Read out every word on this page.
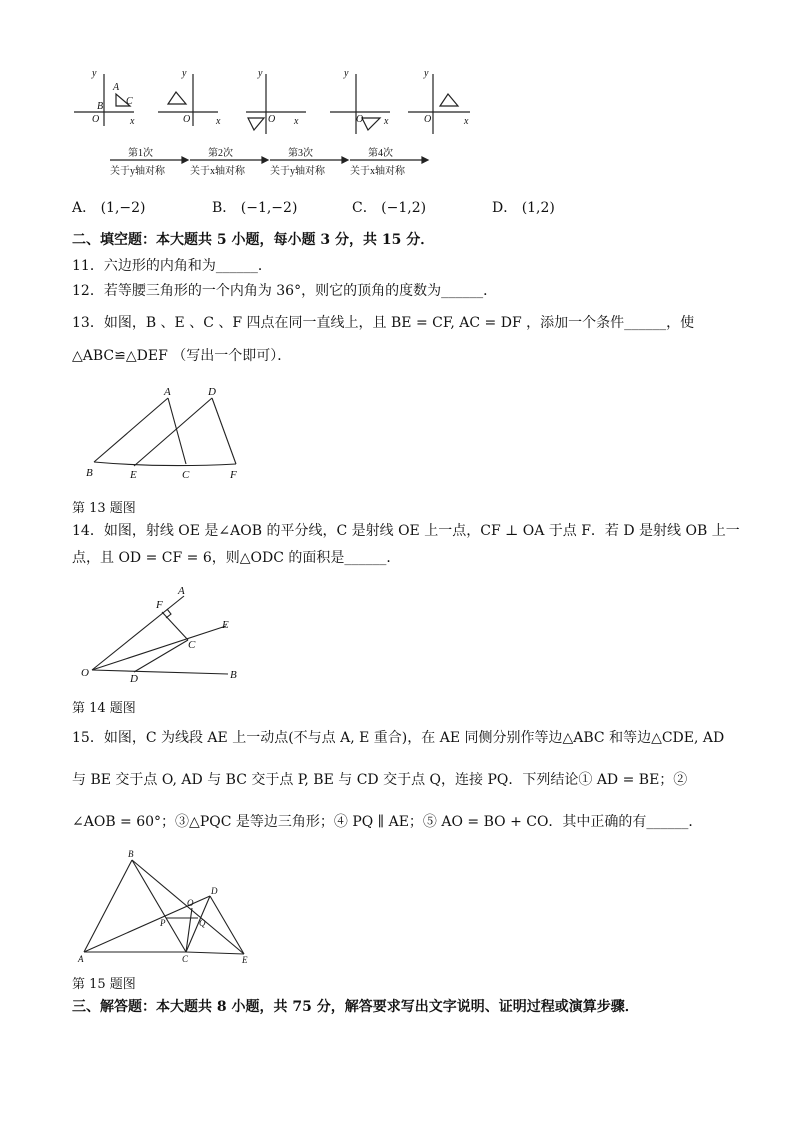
y
x
O
A
B C
y
x
O
y
x
O
y
x
O
y
x
O
第1次
关于y轴对称
第2次
关于x轴对称
第3次
关于y轴对称
第4次
关于x轴对称
A． (1,−2)	B． (−1,−2)	C． (−1,2)	D． (1,2)
二、填空题：本大题共 5 小题，每小题 3 分，共 15 分．
11．六边形的内角和为______．
12．若等腰三角形的一个内角为 36°，则它的顶角的度数为______．
13．如图，B 、E 、C 、F 四点在同一直线上，且 BE = CF, AC = DF ，添加一个条件______，使
△ABC≌△DEF （写出一个即可）．
A	D
B	E	C	F
第 13 题图
14．如图，射线 OE 是∠AOB 的平分线，C 是射线 OE 上一点，CF ⊥ OA 于点 F．若 D 是射线 OB 上一
点，且 OD = CF = 6，则△ODC 的面积是______．
A
F
E
C
O	D	B
第 14 题图
15．如图，C 为线段 AE 上一动点(不与点 A, E 重合)，在 AE 同侧分别作等边△ABC 和等边△CDE, AD
与 BE 交于点 O, AD 与 BC 交于点 P, BE 与 CD 交于点 Q，连接 PQ．下列结论① AD = BE；②
∠AOB = 60°；③△PQC 是等边三角形；④ PQ ∥ AE；⑤ AO = BO + CO．其中正确的有______．
B
D
O
P	Q
A	C	E
第 15 题图
三、解答题：本大题共 8 小题，共 75 分，解答要求写出文字说明、证明过程或演算步骤．
